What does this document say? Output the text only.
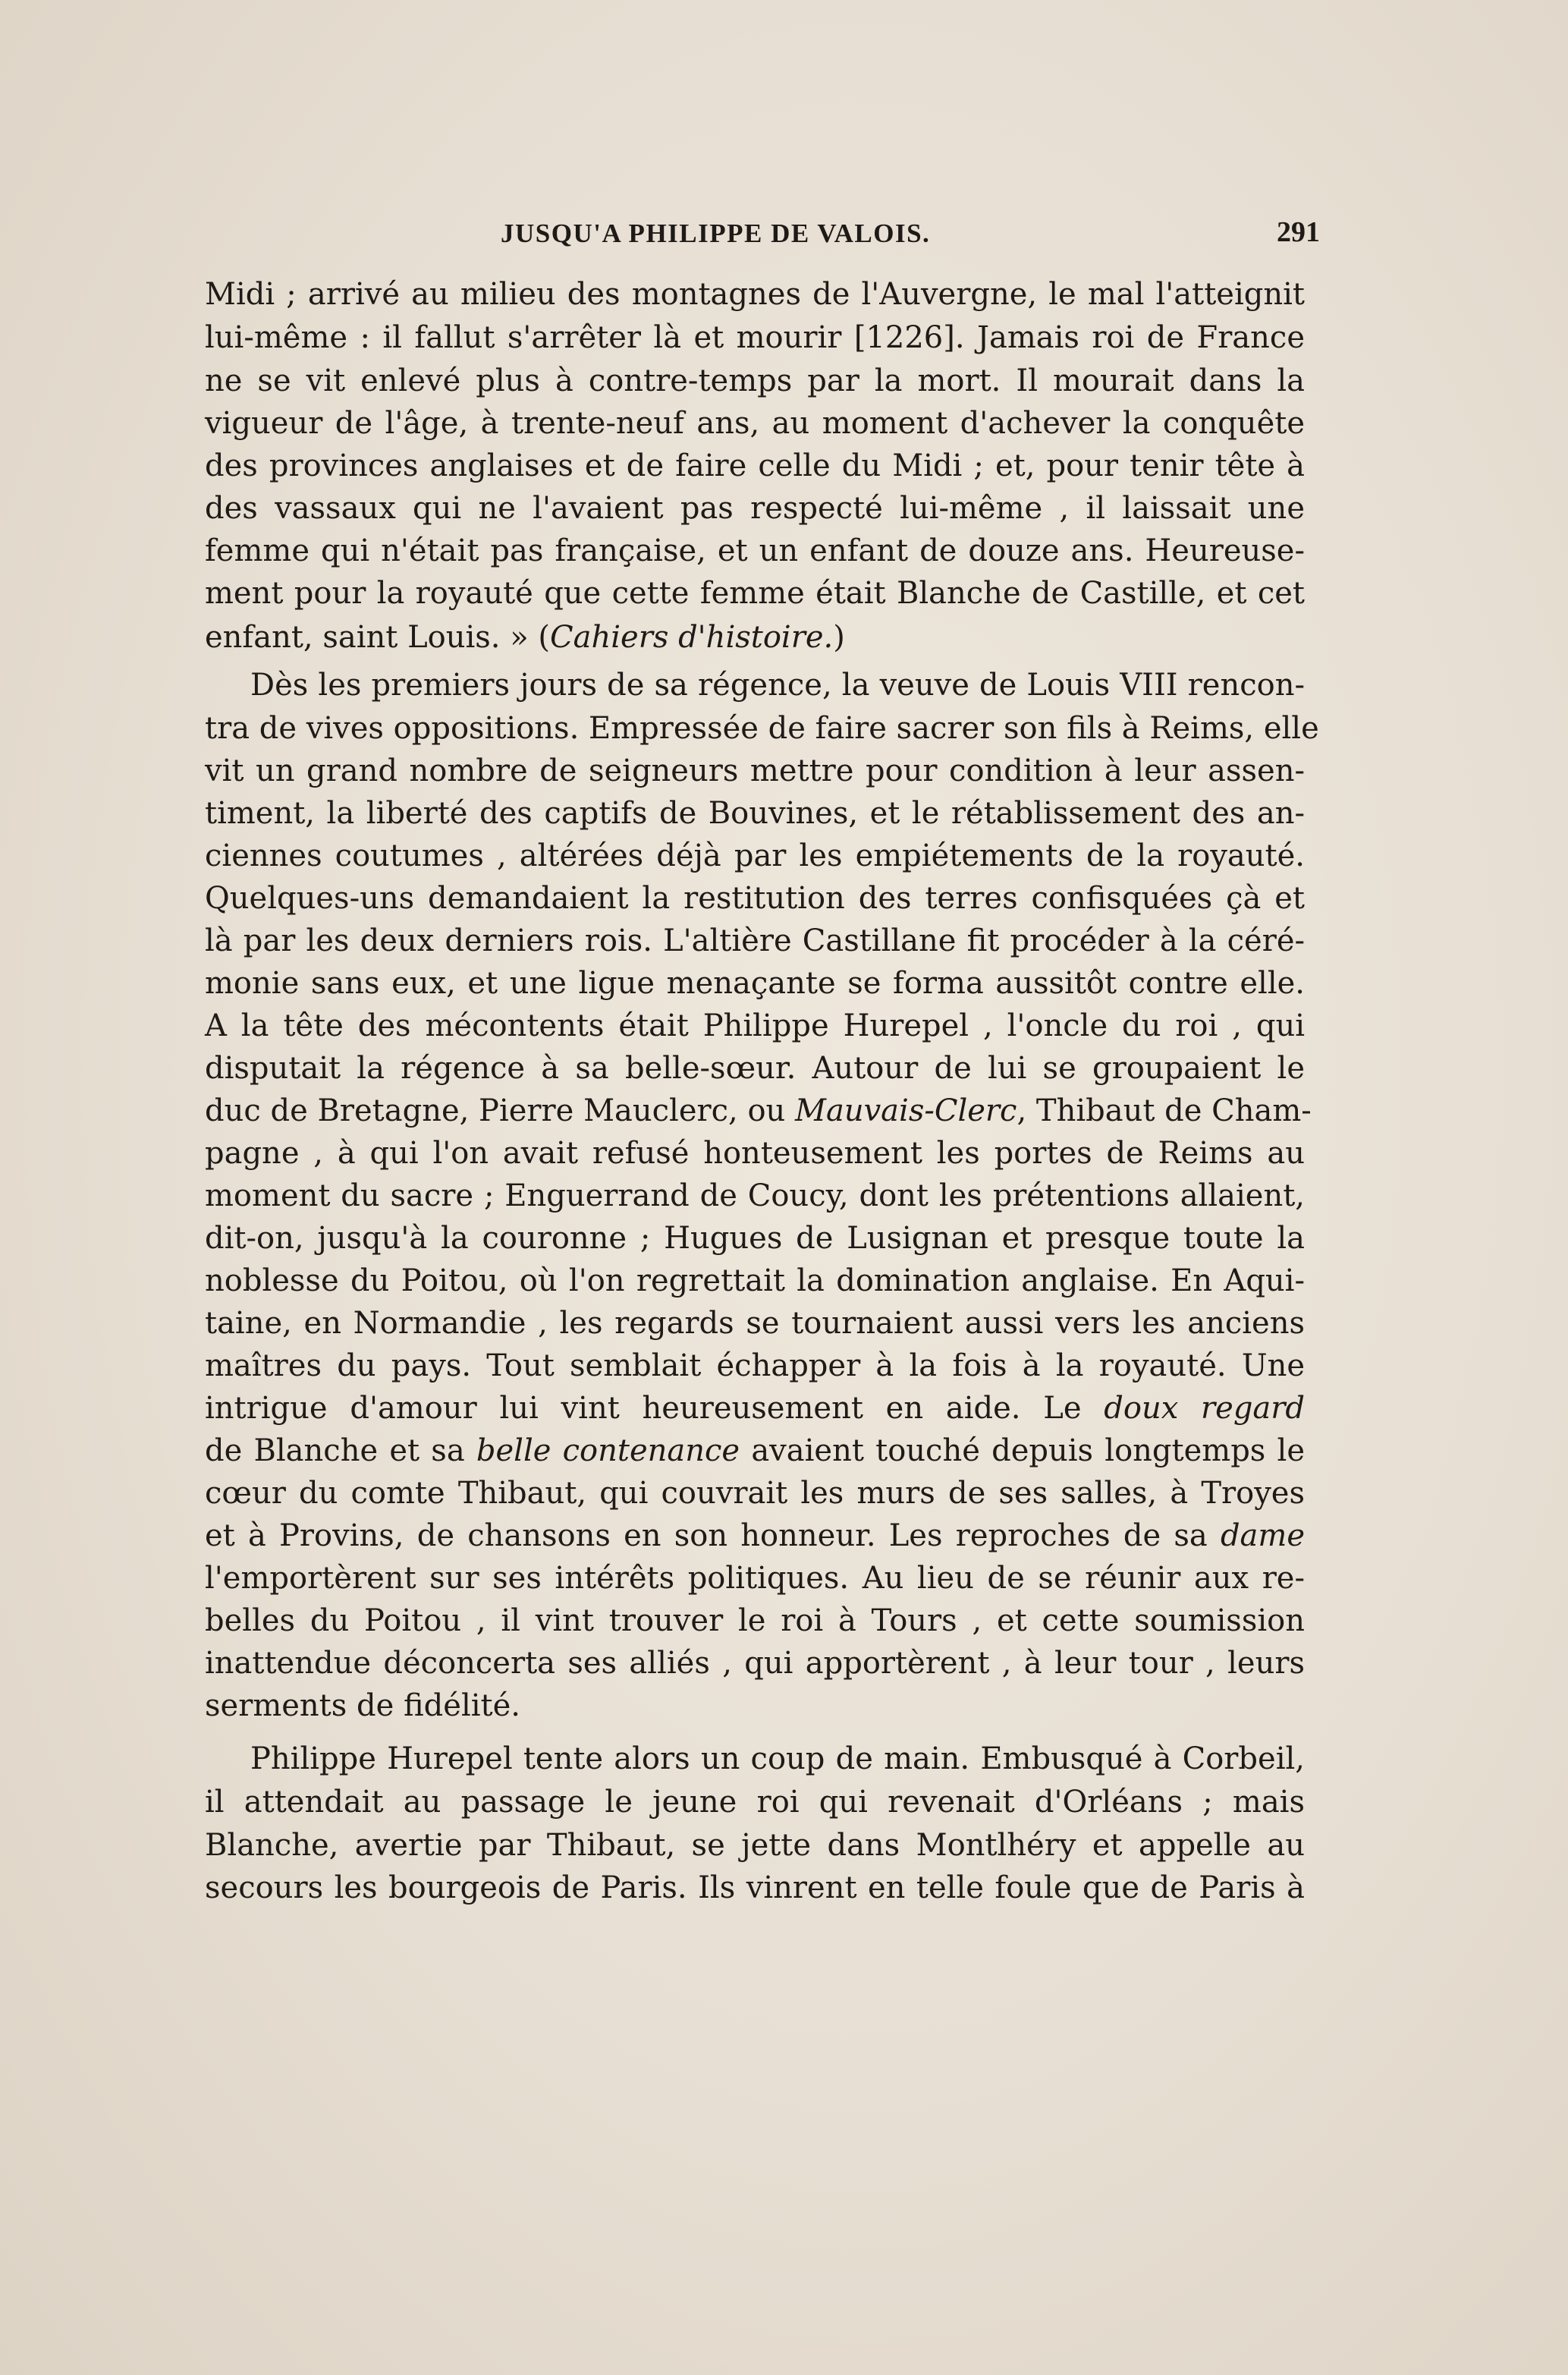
JUSQU'A PHILIPPE DE VALOIS.	291
Midi ; arrivé au milieu des montagnes de l'Auvergne, le mal l'atteignit
lui-même : il fallut s'arrêter là et mourir [1226]. Jamais roi de France
ne se vit enlevé plus à contre-temps par la mort. Il mourait dans la
vigueur de l'âge, à trente-neuf ans, au moment d'achever la conquête
des provinces anglaises et de faire celle du Midi ; et, pour tenir tête à
des vassaux qui ne l'avaient pas respecté lui-même , il laissait une
femme qui n'était pas française, et un enfant de douze ans. Heureuse-
ment pour la royauté que cette femme était Blanche de Castille, et cet
enfant, saint Louis. » (Cahiers d'histoire.)
Dès les premiers jours de sa régence, la veuve de Louis VIII rencon-
tra de vives oppositions. Empressée de faire sacrer son fils à Reims, elle
vit un grand nombre de seigneurs mettre pour condition à leur assen-
timent, la liberté des captifs de Bouvines, et le rétablissement des an-
ciennes coutumes , altérées déjà par les empiétements de la royauté.
Quelques-uns demandaient la restitution des terres confisquées çà et
là par les deux derniers rois. L'altière Castillane fit procéder à la céré-
monie sans eux, et une ligue menaçante se forma aussitôt contre elle.
A la tête des mécontents était Philippe Hurepel , l'oncle du roi , qui
disputait la régence à sa belle-sœur. Autour de lui se groupaient le
duc de Bretagne, Pierre Mauclerc, ou Mauvais-Clerc, Thibaut de Cham-
pagne , à qui l'on avait refusé honteusement les portes de Reims au
moment du sacre ; Enguerrand de Coucy, dont les prétentions allaient,
dit-on, jusqu'à la couronne ; Hugues de Lusignan et presque toute la
noblesse du Poitou, où l'on regrettait la domination anglaise. En Aqui-
taine, en Normandie , les regards se tournaient aussi vers les anciens
maîtres du pays. Tout semblait échapper à la fois à la royauté. Une
intrigue d'amour lui vint heureusement en aide. Le doux regard
de Blanche et sa belle contenance avaient touché depuis longtemps le
cœur du comte Thibaut, qui couvrait les murs de ses salles, à Troyes
et à Provins, de chansons en son honneur. Les reproches de sa dame
l'emportèrent sur ses intérêts politiques. Au lieu de se réunir aux re-
belles du Poitou , il vint trouver le roi à Tours , et cette soumission
inattendue déconcerta ses alliés , qui apportèrent , à leur tour , leurs
serments de fidélité.
Philippe Hurepel tente alors un coup de main. Embusqué à Corbeil,
il attendait au passage le jeune roi qui revenait d'Orléans ; mais
Blanche, avertie par Thibaut, se jette dans Montlhéry et appelle au
secours les bourgeois de Paris. Ils vinrent en telle foule que de Paris à
